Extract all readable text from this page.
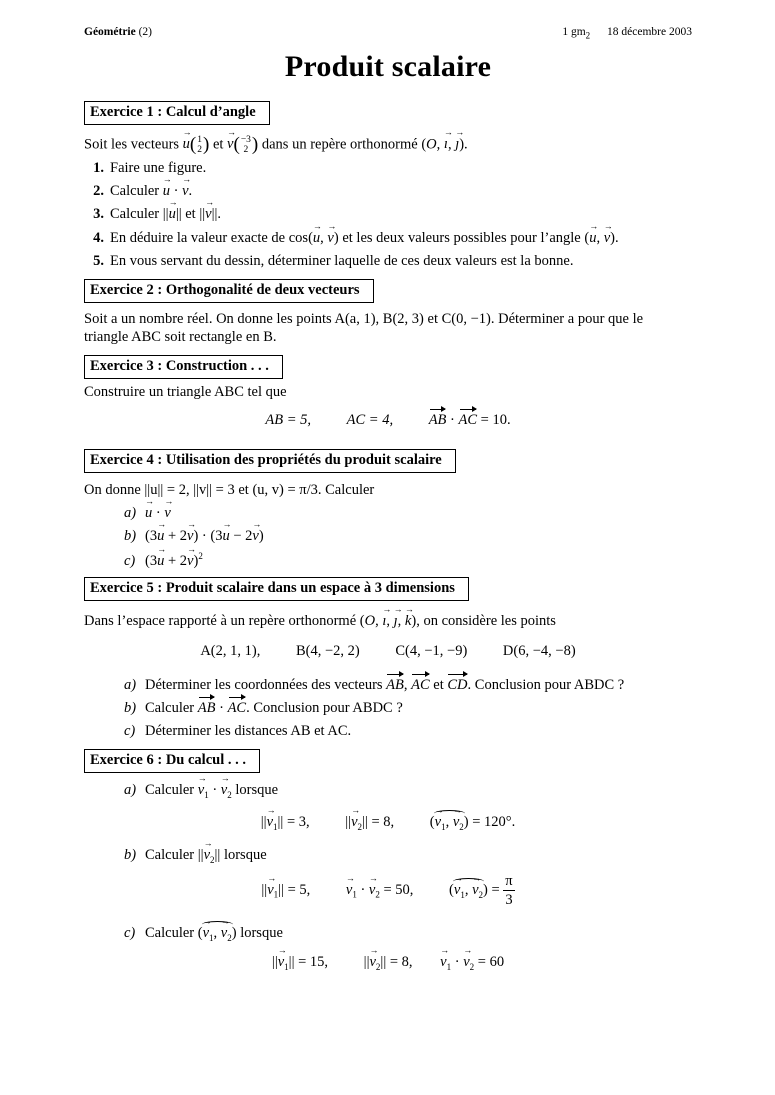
Géométrie (2)	1 $gm_2$ 18 décembre 2003
Produit scalaire
Exercice 1 : Calcul d’angle
Soit les vecteurs → u( 1
2 ) et → v( −3
2 ) dans un repère orthonormé (O, → ı, → ȷ).
1. Faire une figure.
2. Calculer → u · → v.
3. Calculer ||→ u|| et ||→ v||.
4. En déduire la valeur exacte de cos(→ u, → v) et les deux valeurs possibles pour l’angle (→ u, → v).
5. En vous servant du dessin, déterminer laquelle de ces deux valeurs est la bonne.
Exercice 2 : Orthogonalité de deux vecteurs
Soit a un nombre réel. On donne les points A(a, 1), B(2, 3) et C(0, −1). Déterminer a pour que le
triangle ABC soit rectangle en B.
Exercice 3 : Construction . . .
Construire un triangle ABC tel que
AB = 5, AC = 4, AB · AC = 10.
Exercice 4 : Utilisation des propriétés du produit scalaire
On donne ||u|| = 2, ||v|| = 3 et (u, v) = π/3. Calculer
a) → u · → v
b) (3→ u + 2→ v) · (3→ u − 2→ v)
c) $(3\to u + 2\to v)^2$
Exercice 5 : Produit scalaire dans un espace à 3 dimensions
Dans l’espace rapporté à un repère orthonormé (O, → ı, → ȷ, → k), on considère les points
A(2, 1, 1), B(4, −2, 2) C(4, −1, −9) D(6, −4, −8)
a) Déterminer les coordonnées des vecteurs AB, AC et CD. Conclusion pour ABDC ?
b) Calculer AB · AC. Conclusion pour ABDC ?
c) Déterminer les distances AB et AC.
Exercice 6 : Du calcul . . .
a) Calculer → $v_1$ · → $v_2$ lorsque
||→ $v_1|| = 3$, ||→ $v_2|| = 8$, (→ $v_1$, → $v_2) = 120^\circ$.
b) Calculer ||→ $v_2||$ lorsque
||→ $v_1|| = 5$, → $v_1$ · → $v_2 = 50$, (→ $v_1$, → $v_2) = \frac{\pi}{3}$
c) Calculer (→ $v_1$, → $v_2$) lorsque
||→ $v_1|| = 15$, ||→ $v_2|| = 8$, → $v_1$ · → $v_2 = 60$
